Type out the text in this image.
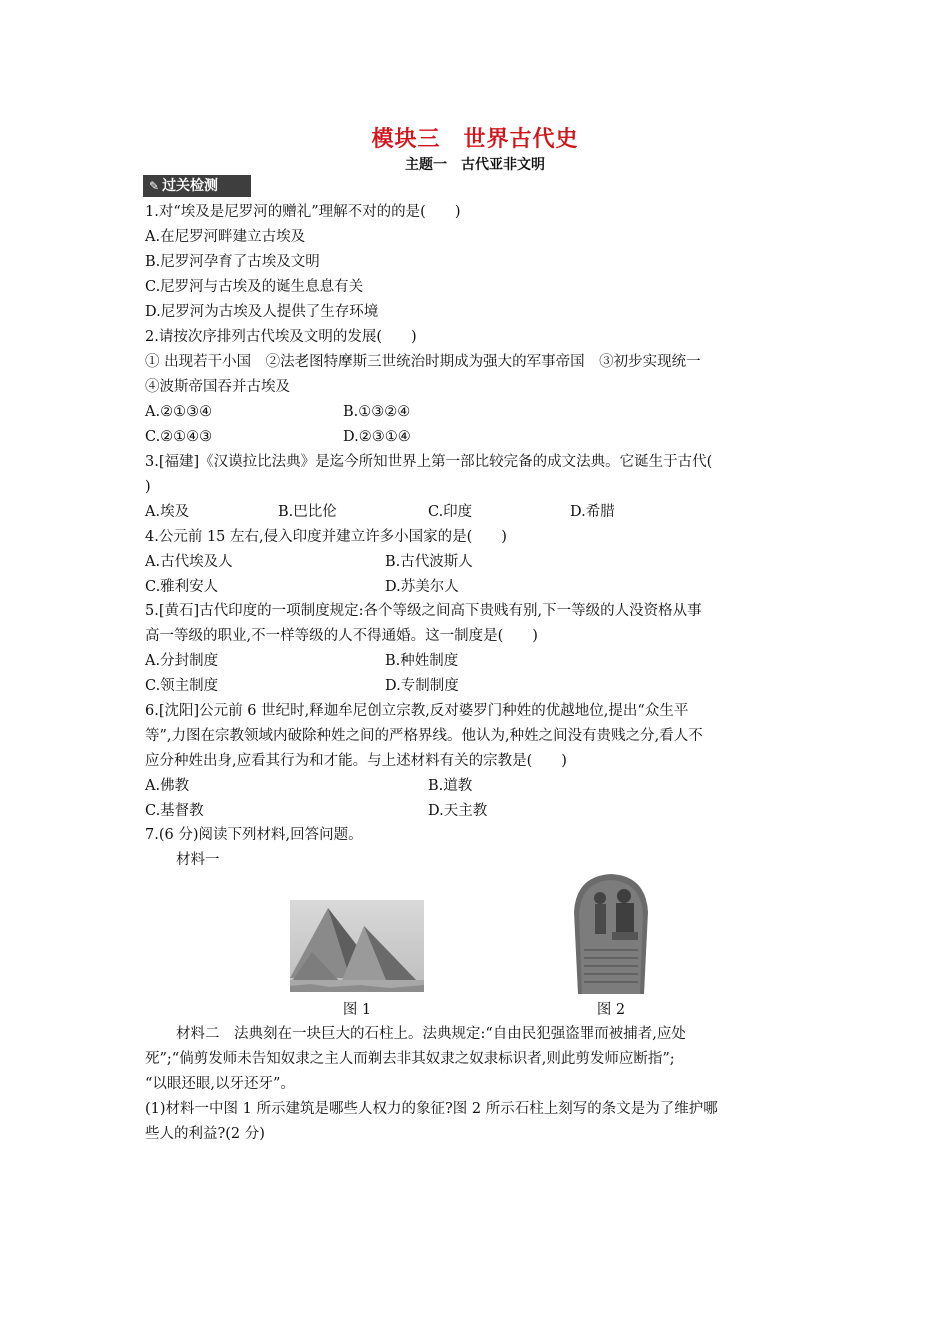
模块三　世界古代史
主题一　古代亚非文明
✎ 过关检测
1.对“埃及是尼罗河的赠礼”理解不对的的是(　　)
A.在尼罗河畔建立古埃及
B.尼罗河孕育了古埃及文明
C.尼罗河与古埃及的诞生息息有关
D.尼罗河为古埃及人提供了生存环境
2.请按次序排列古代埃及文明的发展(　　)
① 出现若干小国　②法老图特摩斯三世统治时期成为强大的军事帝国　③初步实现统一
④波斯帝国吞并古埃及
A.②①③④	B.①③②④
C.②①④③	D.②③①④
3.[福建]《汉谟拉比法典》是迄今所知世界上第一部比较完备的成文法典。它诞生于古代(
)
A.埃及	B.巴比伦	C.印度	D.希腊
4.公元前 15 左右,侵入印度并建立许多小国家的是(　　)
A.古代埃及人	B.古代波斯人
C.雅利安人	D.苏美尔人
5.[黄石]古代印度的一项制度规定:各个等级之间高下贵贱有别,下一等级的人没资格从事
高一等级的职业,不一样等级的人不得通婚。这一制度是(　　)
A.分封制度	B.种姓制度
C.领主制度	D.专制制度
6.[沈阳]公元前 6 世纪时,释迦牟尼创立宗教,反对婆罗门种姓的优越地位,提出“众生平
等”,力图在宗教领域内破除种姓之间的严格界线。他认为,种姓之间没有贵贱之分,看人不
应分种姓出身,应看其行为和才能。与上述材料有关的宗教是(　　)
A.佛教	B.道教
C.基督教	D.天主教
7.(6 分)阅读下列材料,回答问题。
材料一
图 1	图 2
材料二　法典刻在一块巨大的石柱上。法典规定:“自由民犯强盗罪而被捕者,应处
死”;“倘剪发师未告知奴隶之主人而剃去非其奴隶之奴隶标识者,则此剪发师应断指”;
“以眼还眼,以牙还牙”。
(1)材料一中图 1 所示建筑是哪些人权力的象征?图 2 所示石柱上刻写的条文是为了维护哪
些人的利益?(2 分)
